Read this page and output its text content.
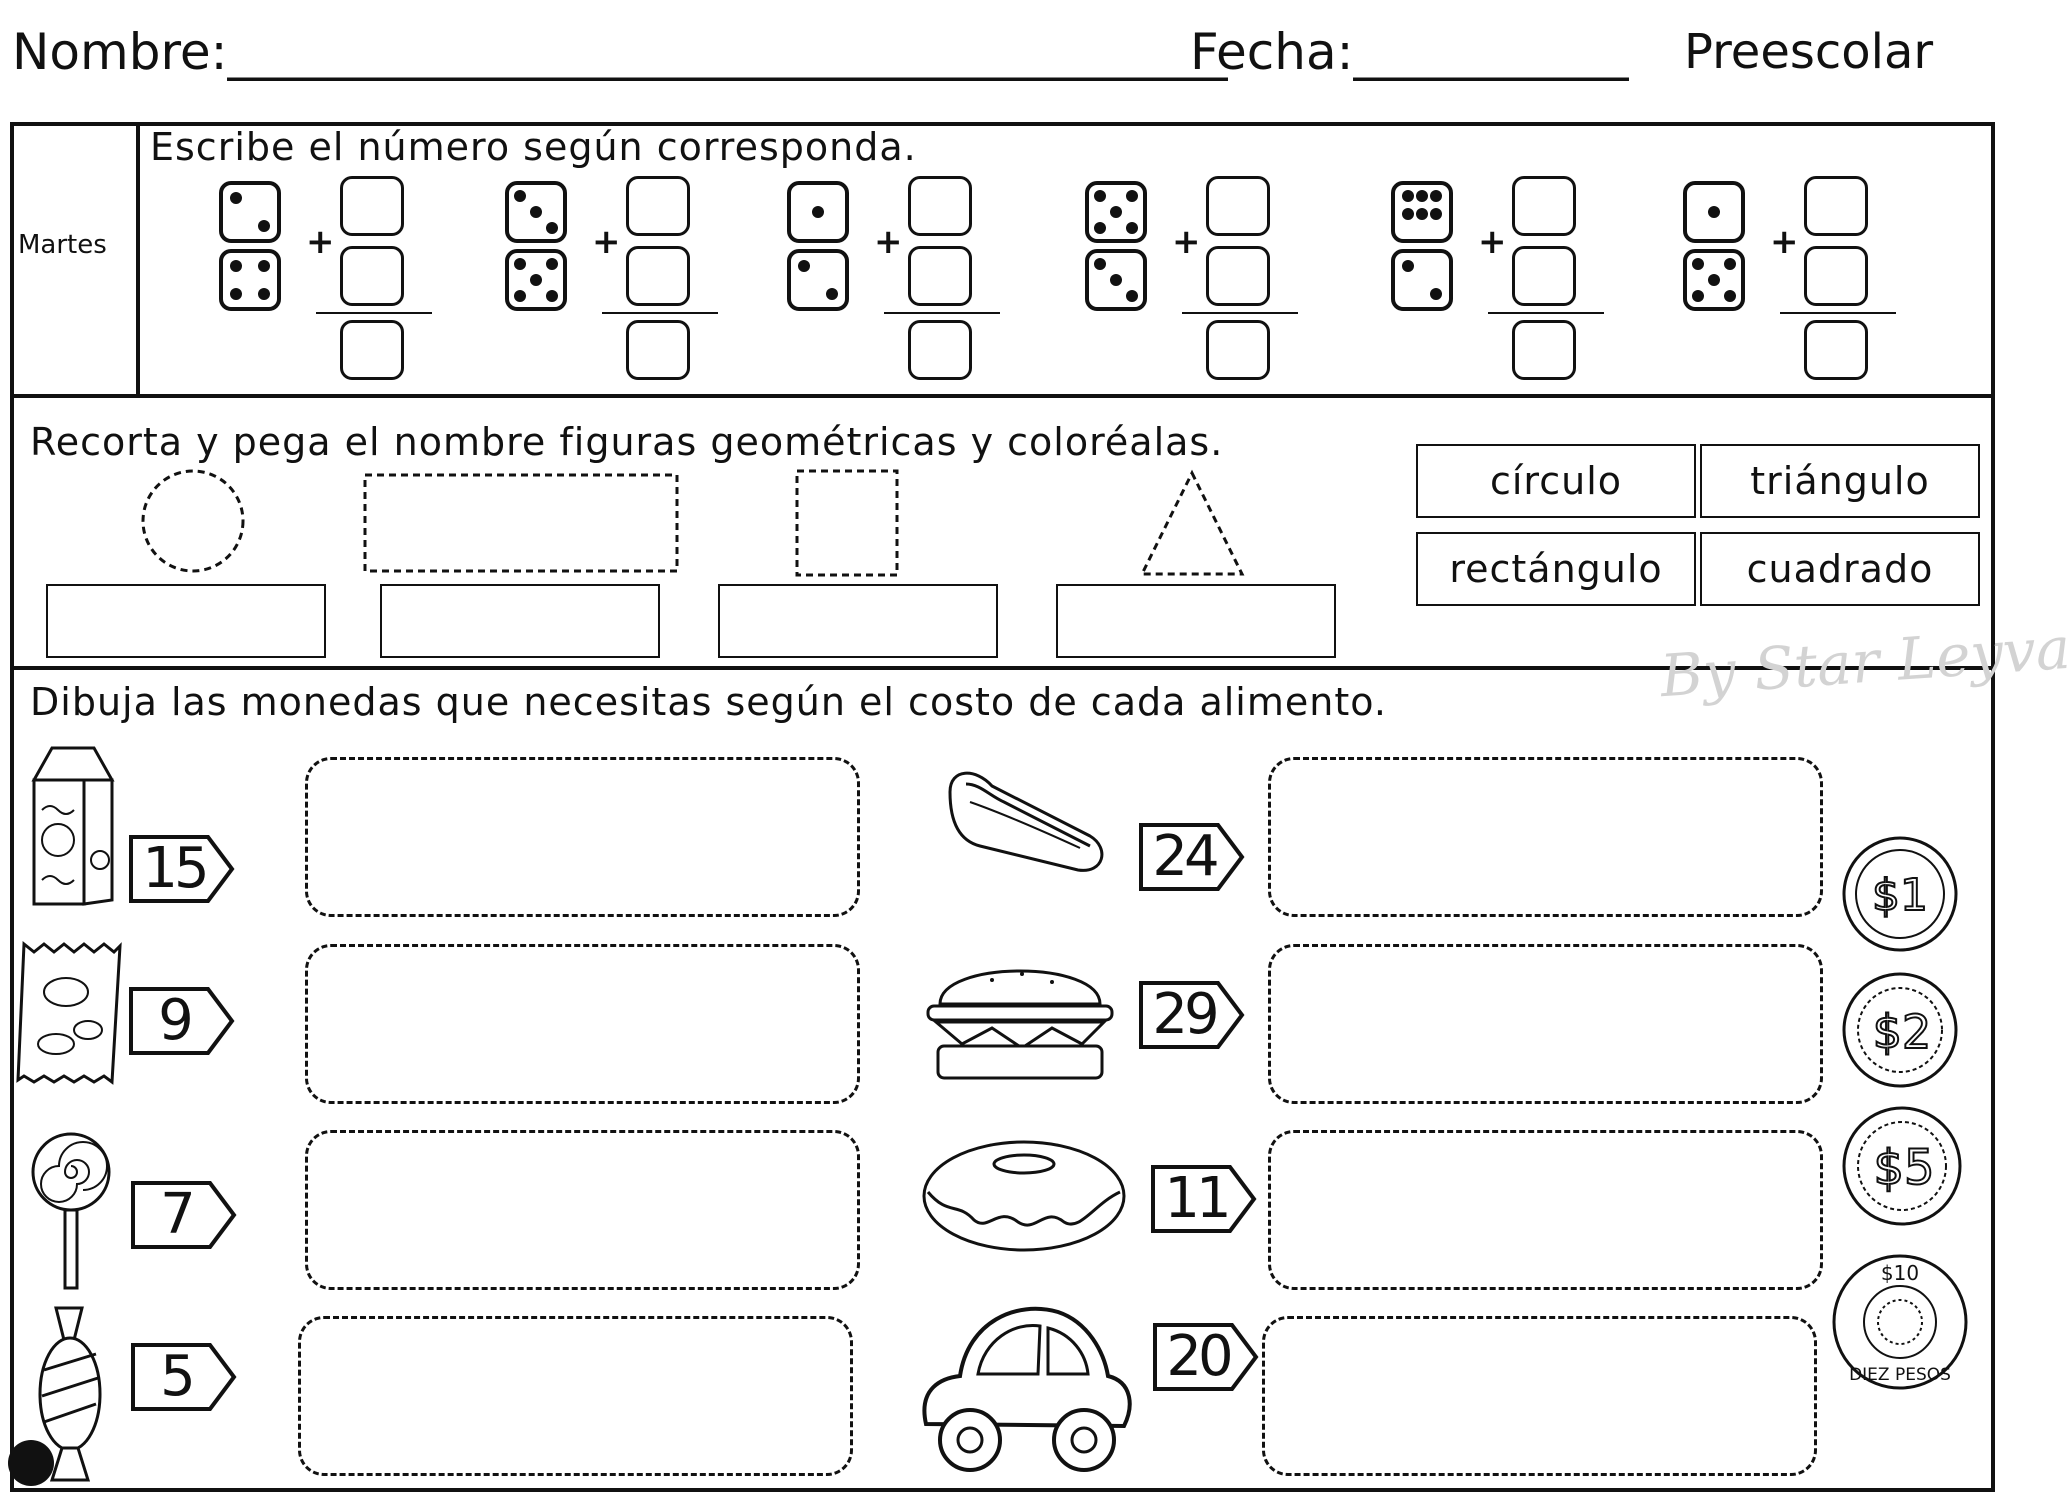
Nombre:________________________________________
Fecha:___________ Preescolar
Martes
Escribe el número según corresponda.
+	+	+	+	+	+
Recorta y pega el nombre figuras geométricas y coloréalas.
círculo	triángulo
rectángulo	cuadrado
Dibuja las monedas que necesitas según el costo de cada alimento.	By Star Leyva
15
9
7
5
24
29
11
20
$1
$2
$5
$10
DIEZ PESOS
